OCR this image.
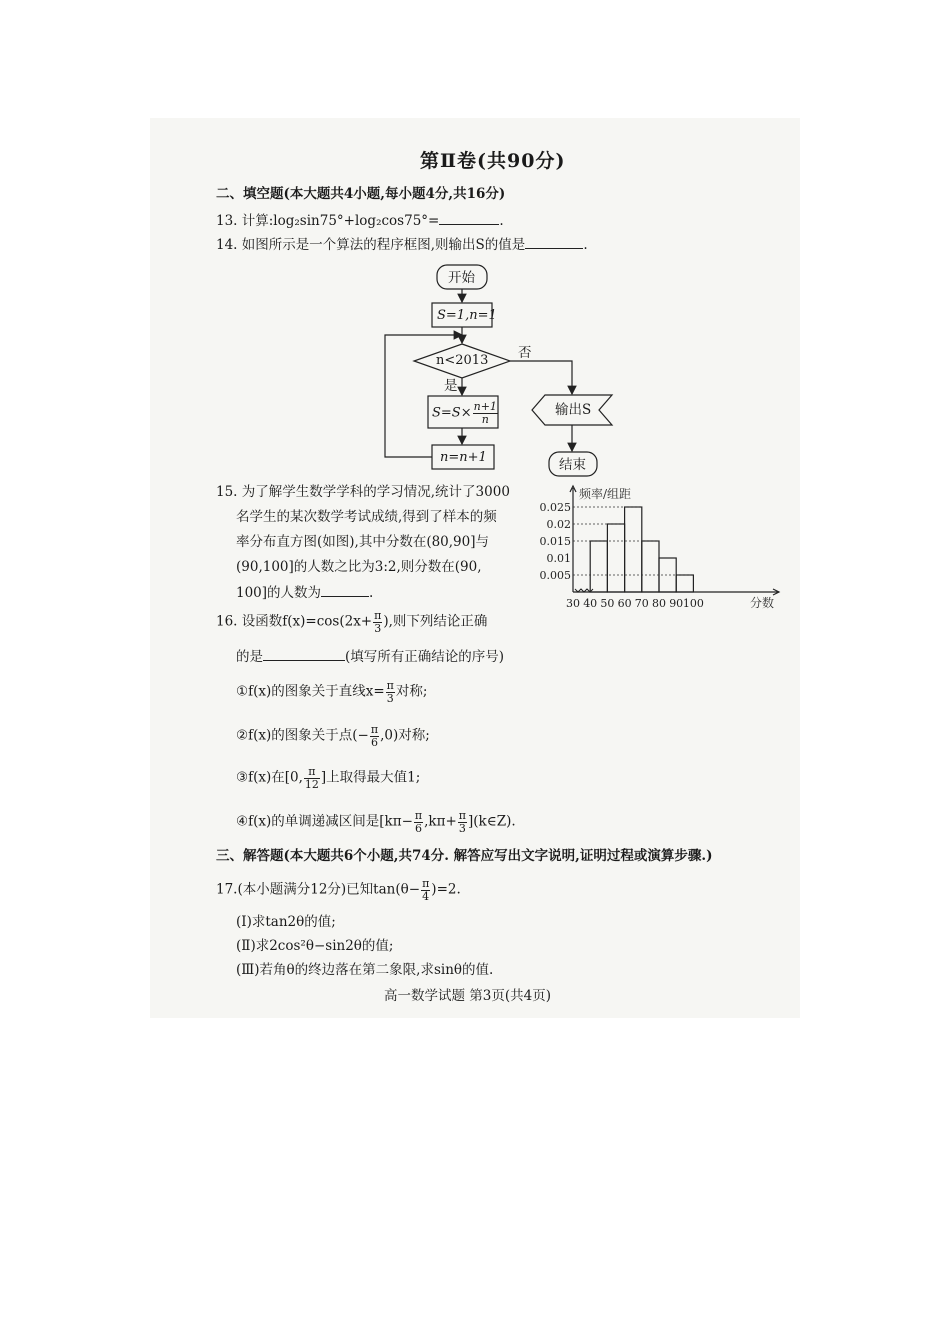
第Ⅱ卷(共90分)
二、填空题(本大题共4小题,每小题4分,共16分)
13. 计算:log₂sin75°+log₂cos75°=	.
14. 如图所示是一个算法的程序框图,则输出S的值是	.
开始
S=1,n=1
n<2013 否
是
$S=S\times \frac{n+1}{n}$
n=n+1
输出S
结束
15. 为了解学生数学学科的学习情况,统计了3000
名学生的某次数学考试成绩,得到了样本的频
率分布直方图(如图),其中分数在(80,90]与
(90,100]的人数之比为3:2,则分数在(90,
100]的人数为	.
0.025
0.02
0.015
0.01
0.005
30 40 50 60 70 80 90 100
频率/组距
分数
16. 设函数$f(x)=\cos(2x+ \frac{\pi}{3}$ ),则下列结论正确
的是	(填写所有正确结论的序号)
①f(x)的图象关于直线$x= \frac{\pi}{3}$ 对称;
②f(x)的图象关于点(− $\frac{\pi}{6} ,0$)对称;
③f(x)在[0, $\frac{\pi}{12}$ ]上取得最大值1;
④f(x)的单调递减区间是[$k\pi- \frac{\pi}{6} ,k\pi+ \frac{\pi}{3}$ ](k∈Z).
三、解答题(本大题共6个小题,共74分. 解答应写出文字说明,证明过程或演算步骤.)
17.(本小题满分12分)已知$\tan(\theta- \frac{\pi}{4} )=2$.
(Ⅰ)求tan2θ的值;
(Ⅱ)求2cos²θ−sin2θ的值;
(Ⅲ)若角θ的终边落在第二象限,求sinθ的值.
高一数学试题 第3页(共4页)
